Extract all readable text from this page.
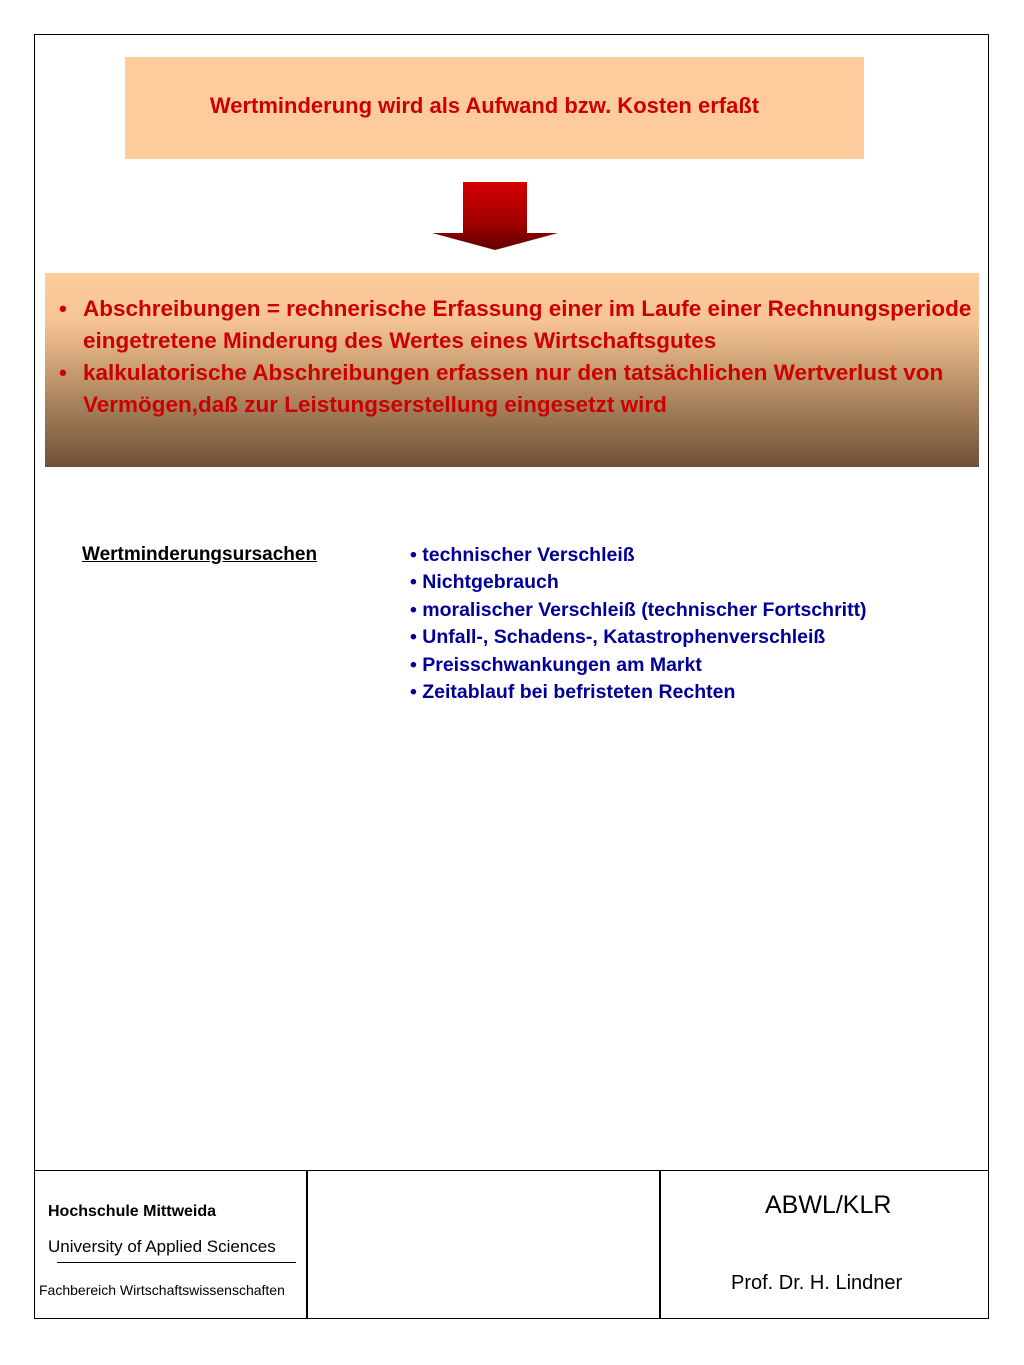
Wertminderung wird als Aufwand bzw. Kosten erfaßt
• Abschreibungen = rechnerische Erfassung einer im Laufe einer Rechnungsperiode eingetretene Minderung des Wertes eines Wirtschaftsgutes
• kalkulatorische Abschreibungen erfassen nur den tatsächlichen Wertverlust von Vermögen,daß zur Leistungserstellung eingesetzt wird
Wertminderungsursachen	• technischer Verschleiß
• Nichtgebrauch
• moralischer Verschleiß (technischer Fortschritt)
• Unfall-, Schadens-, Katastrophenverschleiß
• Preisschwankungen am Markt
• Zeitablauf bei befristeten Rechten
Hochschule Mittweida
University of Applied Sciences
Fachbereich Wirtschaftswissenschaften
ABWL/KLR
Prof. Dr. H. Lindner
